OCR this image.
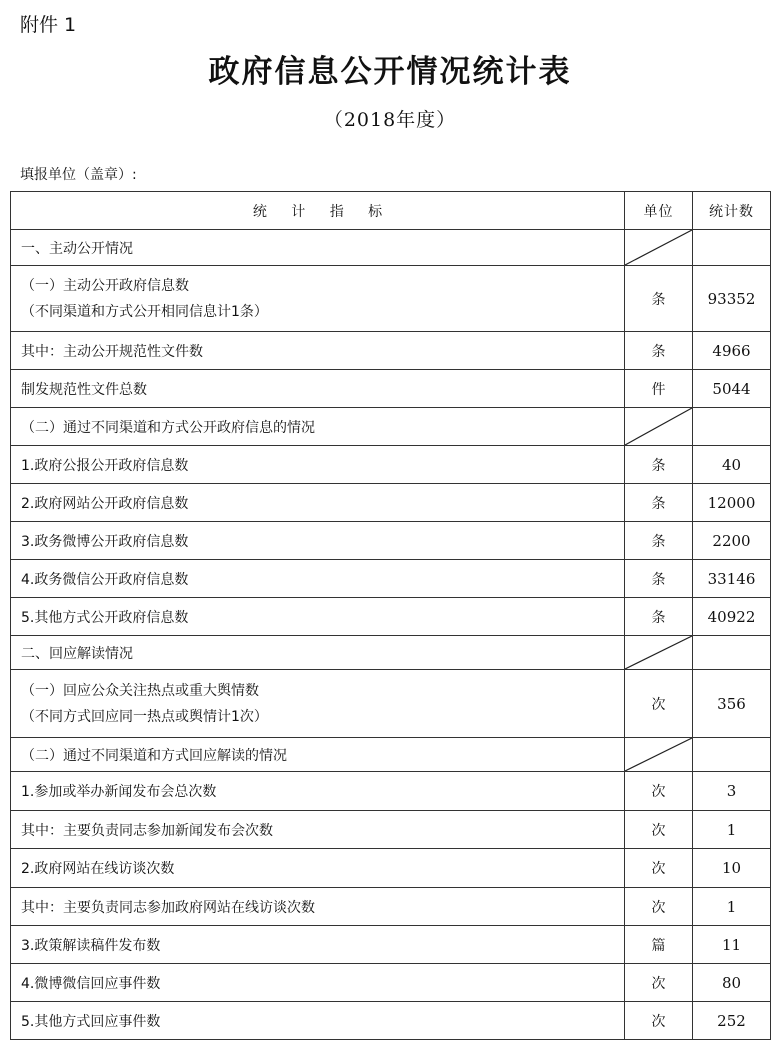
附件 1
政府信息公开情况统计表
（2018年度）
填报单位（盖章）:
统 计 指 标	单位	统计数

一、主动公开情况

（一）主动公开政府信息数
（不同渠道和方式公开相同信息计1条）	条	93352

其中：主动公开规范性文件数	条	4966

制发规范性文件总数	件	5044

（二）通过不同渠道和方式公开政府信息的情况

1.政府公报公开政府信息数	条	40

2.政府网站公开政府信息数	条	12000

3.政务微博公开政府信息数	条	2200

4.政务微信公开政府信息数	条	33146

5.其他方式公开政府信息数	条	40922

二、回应解读情况

（一）回应公众关注热点或重大舆情数
（不同方式回应同一热点或舆情计1次）	次	356

（二）通过不同渠道和方式回应解读的情况

1.参加或举办新闻发布会总次数	次	3

其中：主要负责同志参加新闻发布会次数	次	1

2.政府网站在线访谈次数	次	10

其中：主要负责同志参加政府网站在线访谈次数	次	1

3.政策解读稿件发布数	篇	11

4.微博微信回应事件数	次	80

5.其他方式回应事件数	次	252
